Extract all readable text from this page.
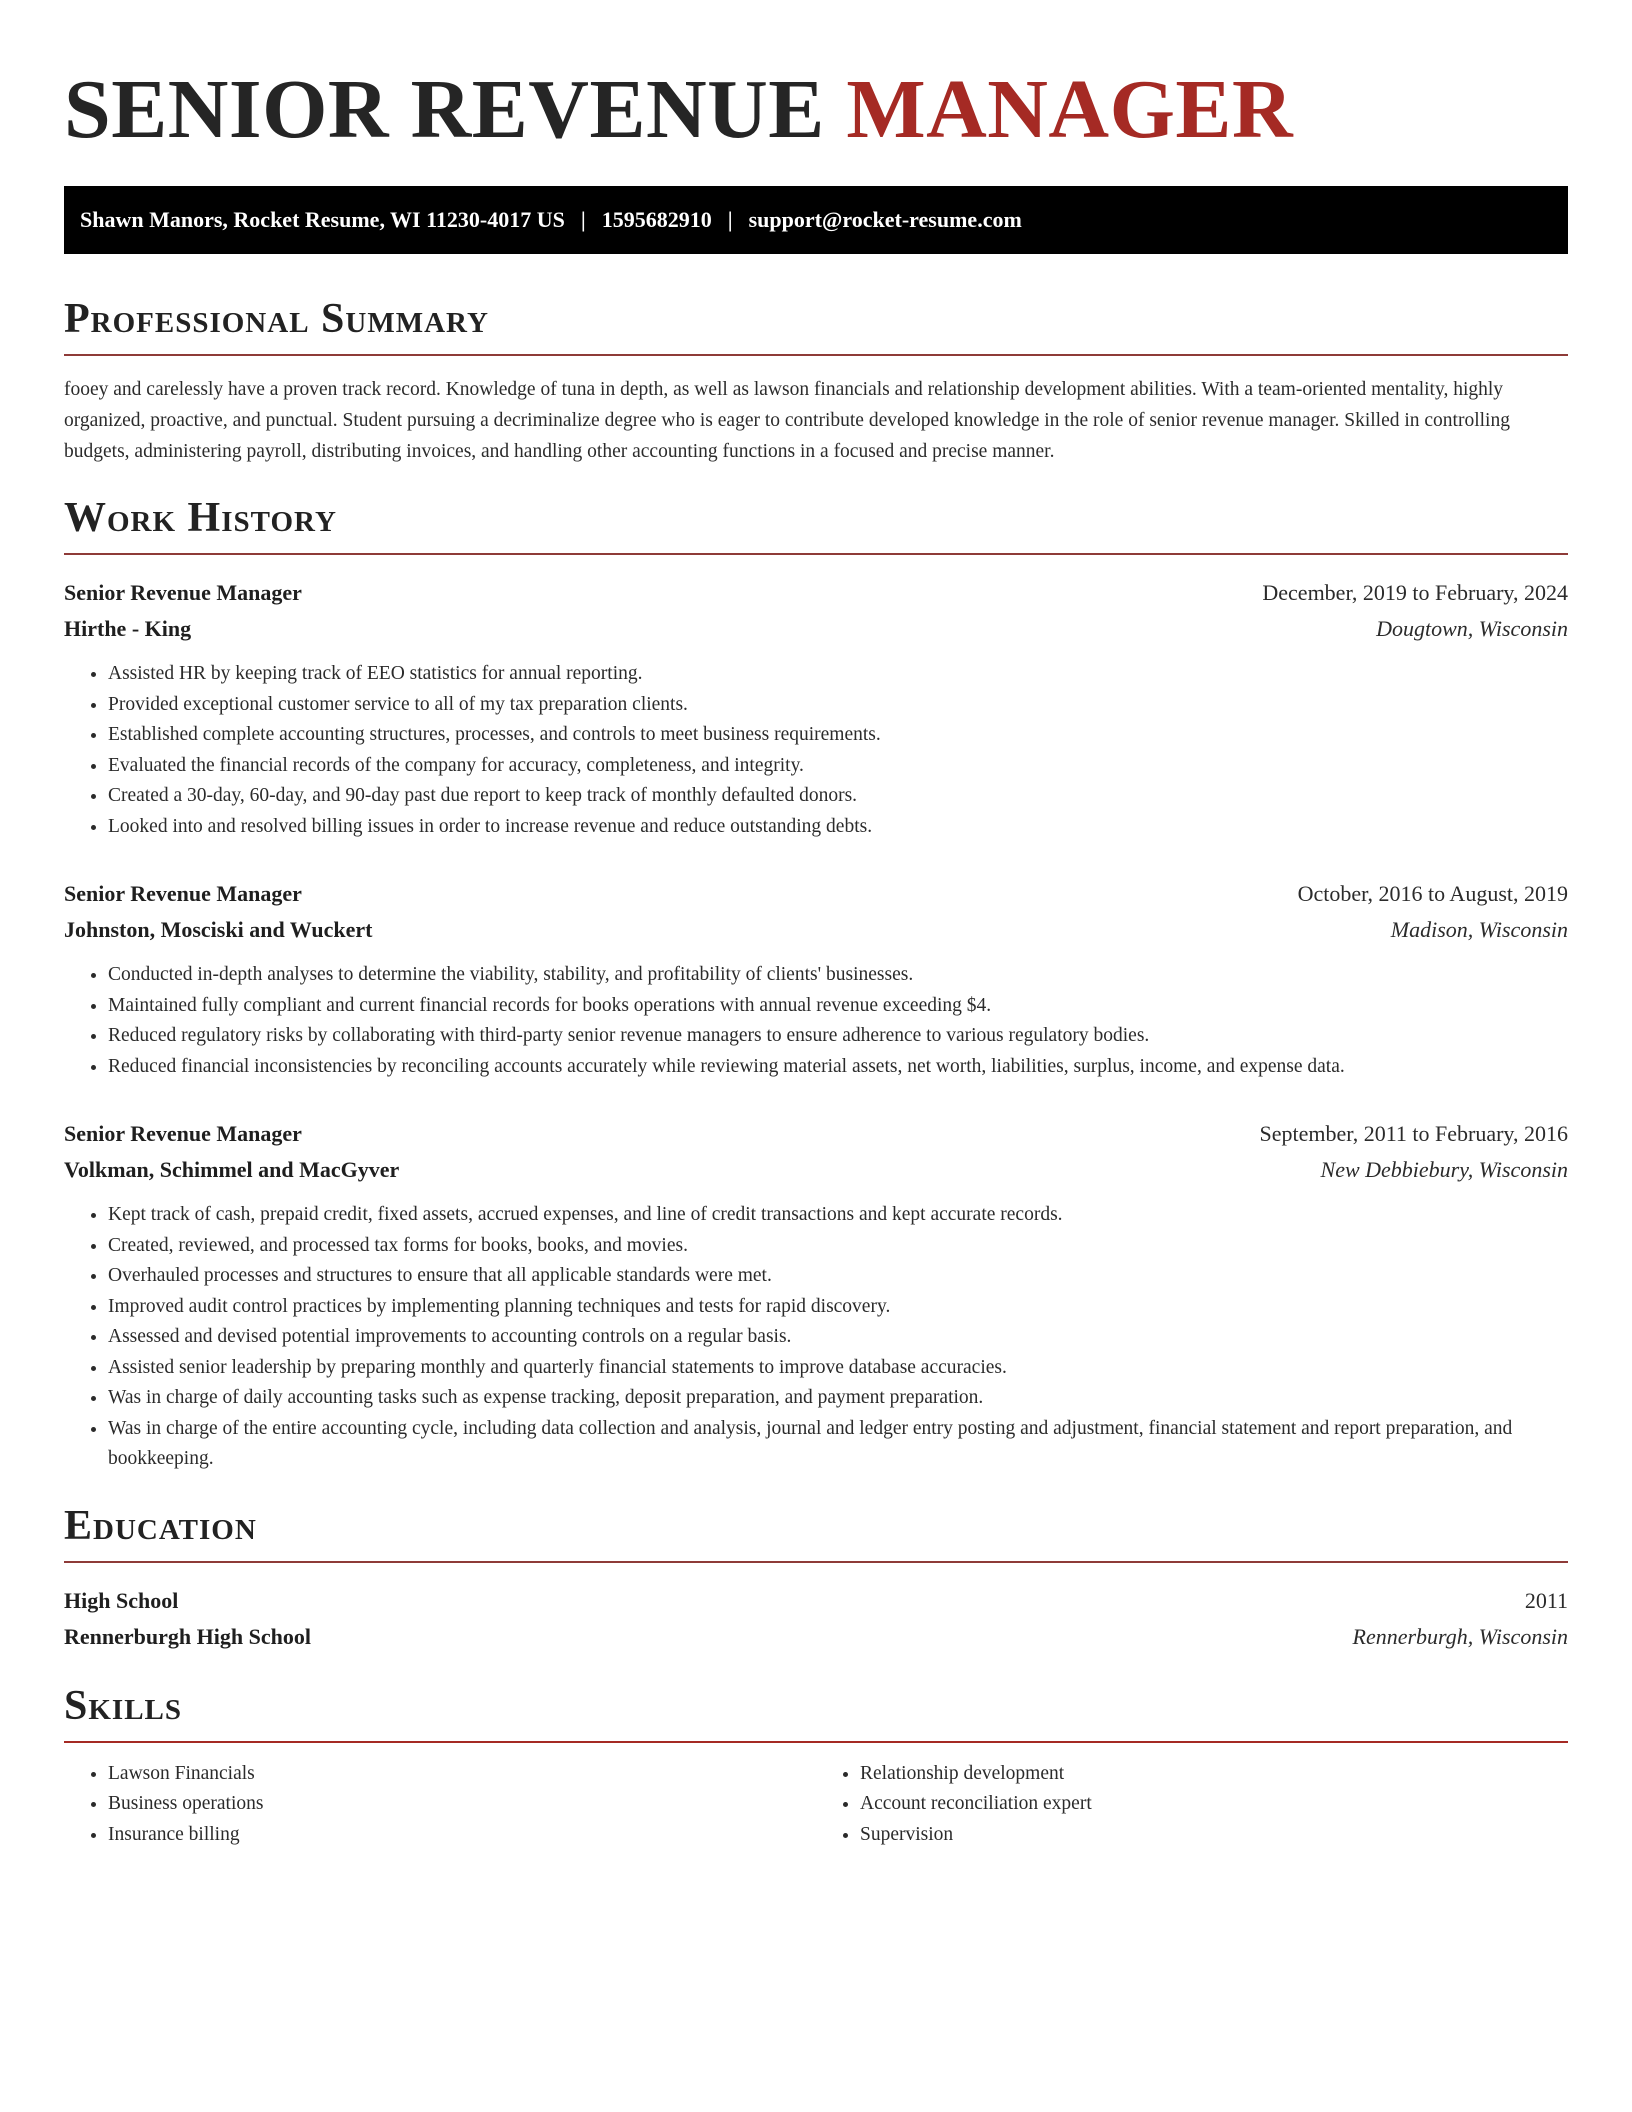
SENIOR REVENUE MANAGER
Shawn Manors, Rocket Resume, WI 11230-4017 US | 1595682910 | support@rocket-resume.com
Professional Summary

fooey and carelessly have a proven track record. Knowledge of tuna in depth, as well as lawson financials and relationship development abilities. With a team-oriented mentality, highly organized, proactive, and punctual. Student pursuing a decriminalize degree who is eager to contribute developed knowledge in the role of senior revenue manager. Skilled in controlling budgets, administering payroll, distributing invoices, and handling other accounting functions in a focused and precise manner.

Work History
Senior Revenue Manager	December, 2019 to February, 2024
Hirthe - King	Dougtown, Wisconsin
• Assisted HR by keeping track of EEO statistics for annual reporting.
• Provided exceptional customer service to all of my tax preparation clients.
• Established complete accounting structures, processes, and controls to meet business requirements.
• Evaluated the financial records of the company for accuracy, completeness, and integrity.
• Created a 30-day, 60-day, and 90-day past due report to keep track of monthly defaulted donors.
• Looked into and resolved billing issues in order to increase revenue and reduce outstanding debts.
Senior Revenue Manager	October, 2016 to August, 2019
Johnston, Mosciski and Wuckert	Madison, Wisconsin
• Conducted in-depth analyses to determine the viability, stability, and profitability of clients' businesses.
• Maintained fully compliant and current financial records for books operations with annual revenue exceeding $4.
• Reduced regulatory risks by collaborating with third-party senior revenue managers to ensure adherence to various regulatory bodies.
• Reduced financial inconsistencies by reconciling accounts accurately while reviewing material assets, net worth, liabilities, surplus, income, and expense data.
Senior Revenue Manager	September, 2011 to February, 2016
Volkman, Schimmel and MacGyver	New Debbiebury, Wisconsin
• Kept track of cash, prepaid credit, fixed assets, accrued expenses, and line of credit transactions and kept accurate records.
• Created, reviewed, and processed tax forms for books, books, and movies.
• Overhauled processes and structures to ensure that all applicable standards were met.
• Improved audit control practices by implementing planning techniques and tests for rapid discovery.
• Assessed and devised potential improvements to accounting controls on a regular basis.
• Assisted senior leadership by preparing monthly and quarterly financial statements to improve database accuracies.
• Was in charge of daily accounting tasks such as expense tracking, deposit preparation, and payment preparation.
• Was in charge of the entire accounting cycle, including data collection and analysis, journal and ledger entry posting and adjustment, financial statement and report preparation, and bookkeeping.
Education
High School	2011
Rennerburgh High School	Rennerburgh, Wisconsin
Skills
• Lawson Financials
• Business operations
• Insurance billing
• Relationship development
• Account reconciliation expert
• Supervision
